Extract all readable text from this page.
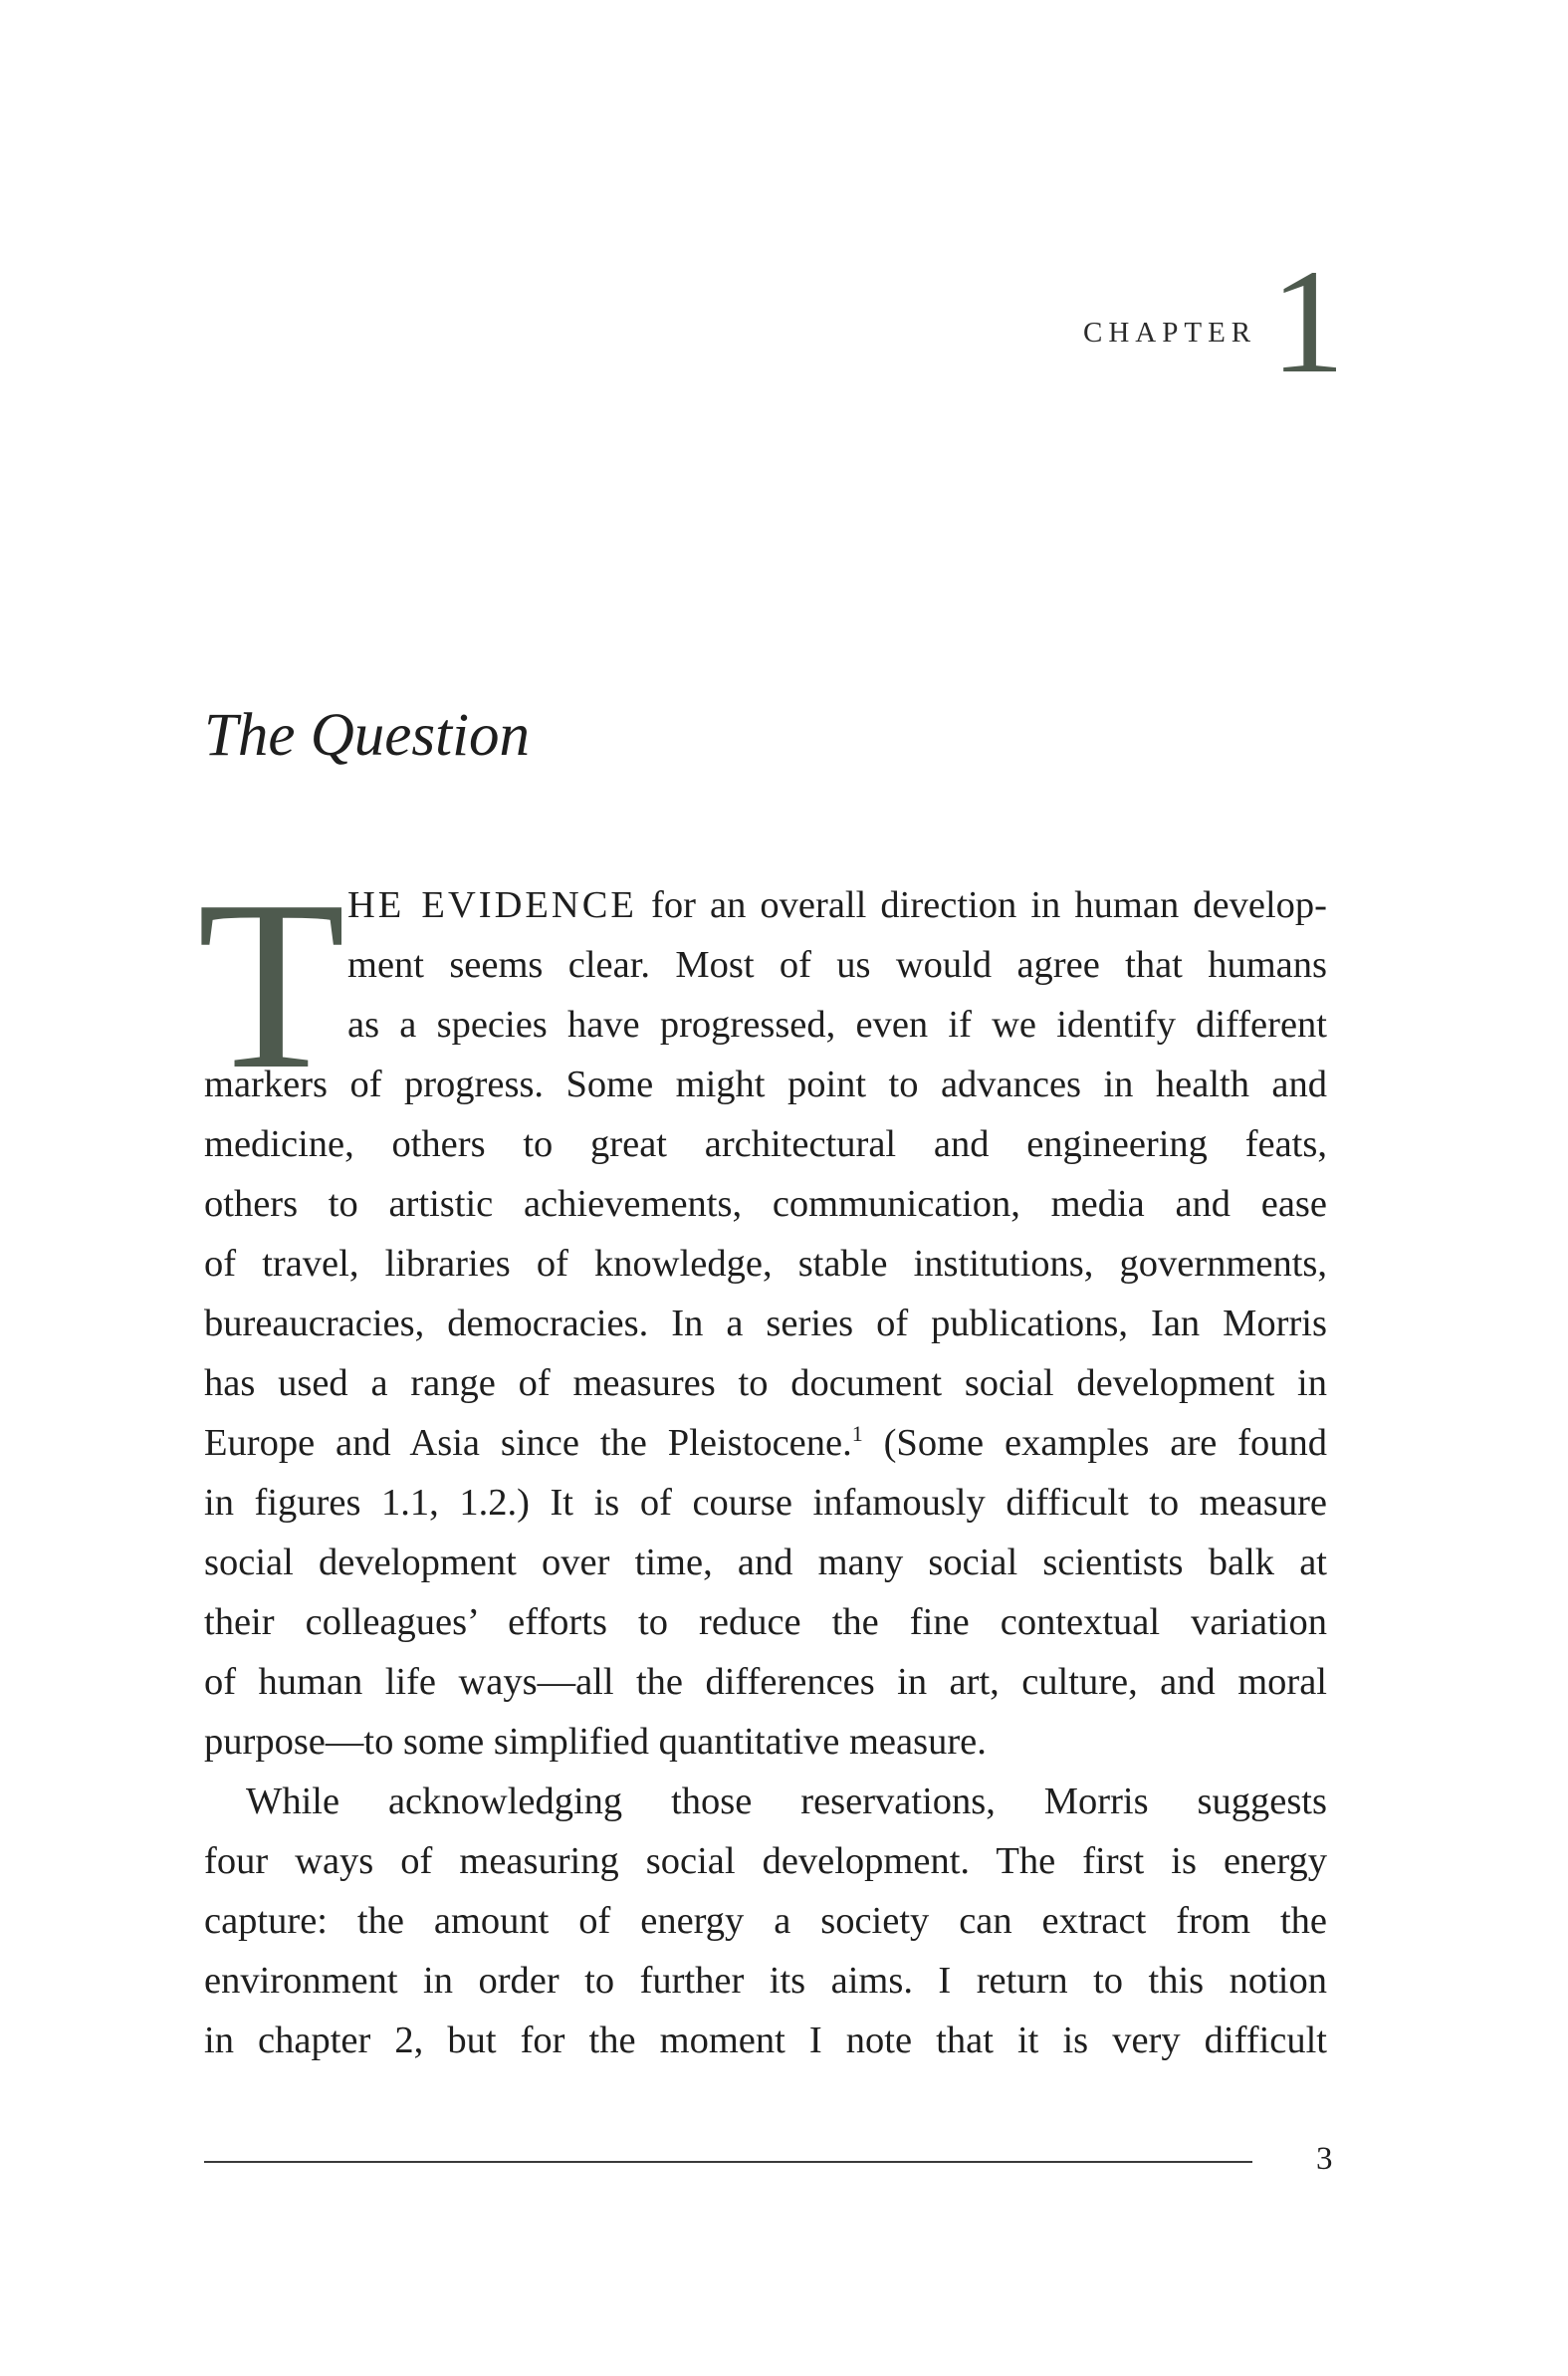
CHAPTER 1
The Question
T HE EVIDENCE for an overall direction in human develop-
ment seems clear. Most of us would agree that humans
as a species have progressed, even if we identify different
markers of progress. Some might point to advances in health and
medicine, others to great architectural and engineering feats,
others to artistic achievements, communication, media and ease
of travel, libraries of knowledge, stable institutions, governments,
bureaucracies, democracies. In a series of publications, Ian Morris
has used a range of measures to document social development in
Europe and Asia since the Pleistocene.$^1$ (Some examples are found
in figures 1.1, 1.2.) It is of course infamously difficult to measure
social development over time, and many social scientists balk at
their colleagues’ efforts to reduce the fine contextual variation
of human life ways—all the differences in art, culture, and moral
purpose—to some simplified quantitative measure.
While acknowledging those reservations, Morris suggests
four ways of measuring social development. The first is energy
capture: the amount of energy a society can extract from the
environment in order to further its aims. I return to this notion
in chapter 2, but for the moment I note that it is very difficult
3
